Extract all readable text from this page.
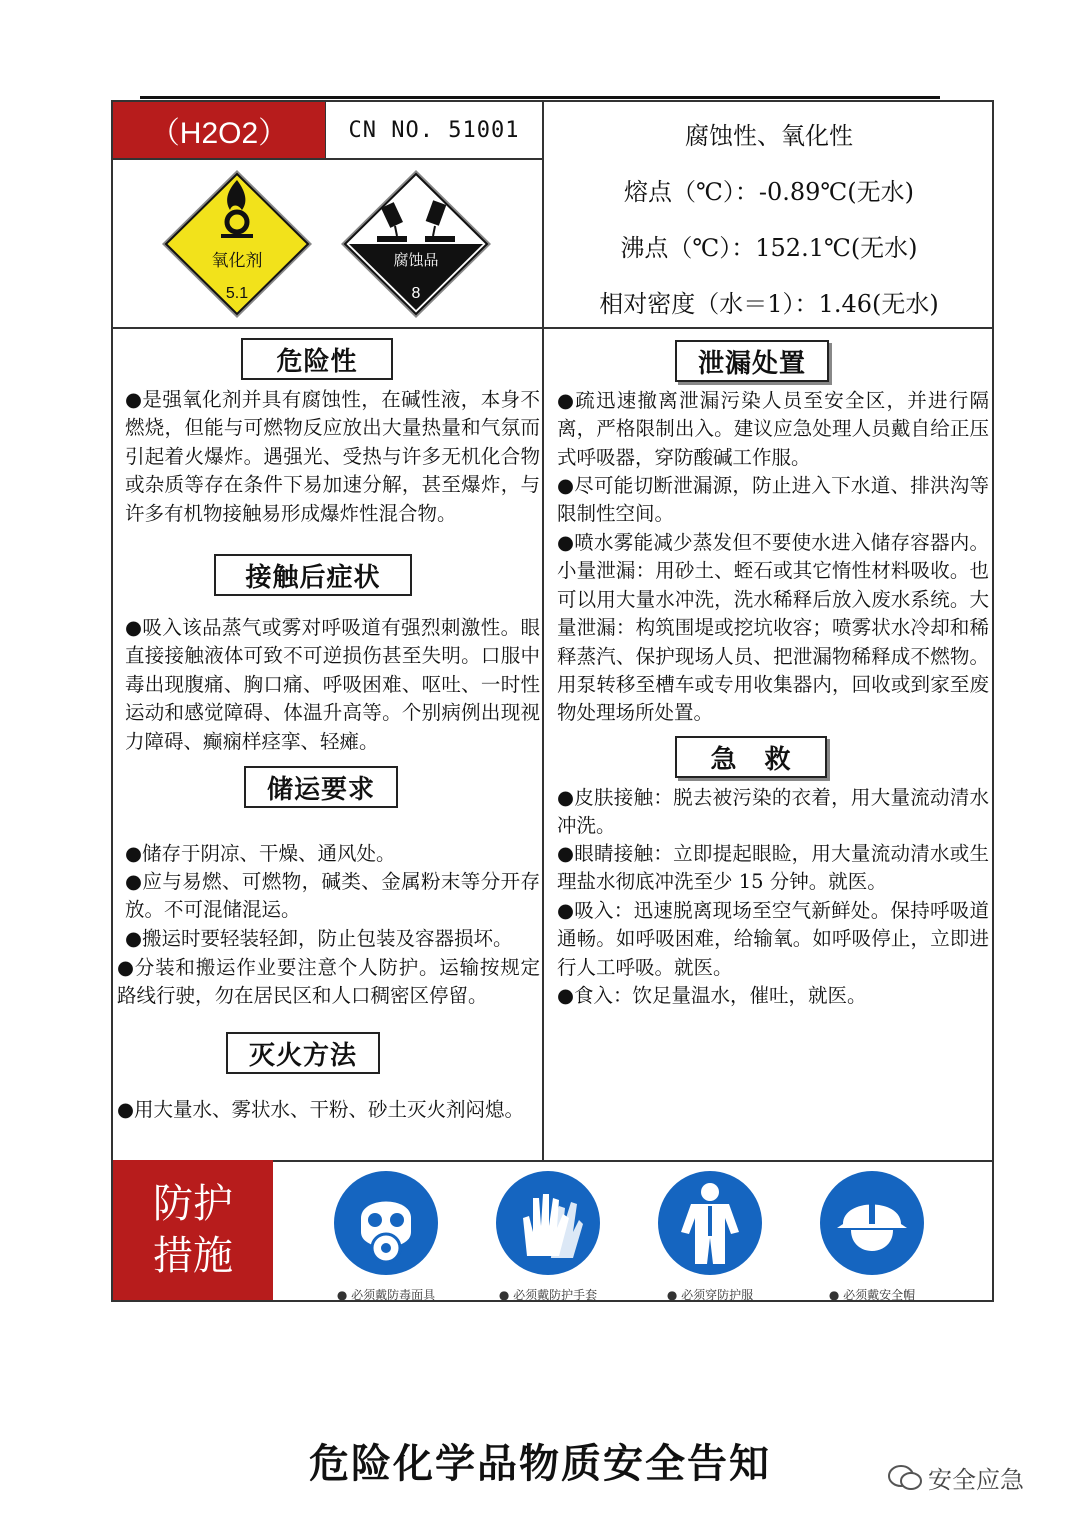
（H2O2）	CN NO. 51001	腐蚀性、氧化性
熔点（℃）：-0.89℃(无水)
沸点（℃）：152.1℃(无水)
相对密度（水＝1）：1.46(无水)
氧化剂
5.1
腐蚀品
8
危险性

● 是强氧化剂并具有腐蚀性，在碱性液，本身不燃烧，但能与可燃物反应放出大量热量和气氛而引起着火爆炸。遇强光、受热与许多无机化合物或杂质等存在条件下易加速分解，甚至爆炸，与许多有机物接触易形成爆炸性混合物。

接触后症状

● 吸入该品蒸气或雾对呼吸道有强烈刺激性。眼直接接触液体可致不可逆损伤甚至失明。口服中毒出现腹痛、胸口痛、呼吸困难、呕吐、一时性运动和感觉障碍、体温升高等。个别病例出现视力障碍、癫痫样痉挛、轻瘫。

储运要求

● 储存于阴凉、干燥、通风处。

● 应与易燃、可燃物，碱类、金属粉末等分开存放。不可混储混运。

● 搬运时要轻装轻卸，防止包装及容器损坏。

● 分装和搬运作业要注意个人防护。运输按规定路线行驶，勿在居民区和人口稠密区停留。

灭火方法

● 用大量水、雾状水、干粉、砂土灭火剂闷熄。

泄漏处置

● 疏迅速撤离泄漏污染人员至安全区，并进行隔离，严格限制出入。建议应急处理人员戴自给正压式呼吸器，穿防酸碱工作服。

● 尽可能切断泄漏源，防止进入下水道、排洪沟等限制性空间。

● 喷水雾能减少蒸发但不要使水进入储存容器内。小量泄漏：用砂土、蛭石或其它惰性材料吸收。也可以用大量水冲洗，洗水稀释后放入废水系统。大量泄漏：构筑围堤或挖坑收容；喷雾状水冷却和稀释蒸汽、保护现场人员、把泄漏物稀释成不燃物。用泵转移至槽车或专用收集器内，回收或到家至废物处理场所处置。

急　救

● 皮肤接触：脱去被污染的衣着，用大量流动清水冲洗。

● 眼睛接触：立即提起眼睑，用大量流动清水或生理盐水彻底冲洗至少 15 分钟。就医。

● 吸入：迅速脱离现场至空气新鲜处。保持呼吸道通畅。如呼吸困难，给输氧。如呼吸停止，立即进行人工呼吸。就医。

● 食入：饮足量温水，催吐，就医。

防护
措施
● 必须戴防毒面具	● 必须戴防护手套	● 必须穿防护服	● 必须戴安全帽
危险化学品物质安全告知	安全应急
